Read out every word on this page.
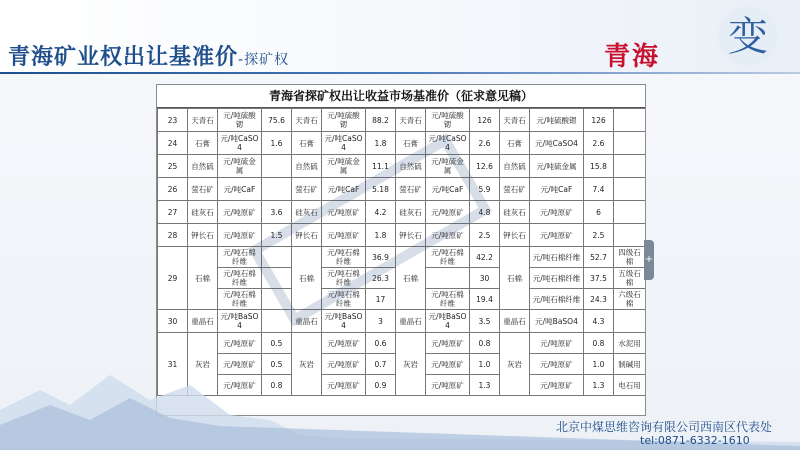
青海矿业权出让基准价-探矿权	青海 变
青海省探矿权出让收益市场基准价（征求意见稿）
23	天青石	元/吨硫酸锶	75.6	天青石	元/吨硫酸锶	88.2	天青石	元/吨硫酸锶	126	天青石	元/吨硫酸锶	126	
24	石膏	元/吨CaSO4	1.6	石膏	元/吨CaSO4	1.8	石膏	元/吨CaSO4	2.6	石膏	元/吨CaSO4	2.6	
25	自然硫	元/吨硫金属		自然硫	元/吨硫金属	11.1	自然硫	元/吨硫金属	12.6	自然硫	元/吨硫金属	15.8	
26	萤石矿	元/吨CaF		萤石矿	元/吨CaF	5.18	萤石矿	元/吨CaF	5.9	萤石矿	元/吨CaF	7.4	
27	硅灰石	元/吨原矿	3.6	硅灰石	元/吨原矿	4.2	硅灰石	元/吨原矿	4.8	硅灰石	元/吨原矿	6	
28	钾长石	元/吨原矿	1.5	钾长石	元/吨原矿	1.8	钾长石	元/吨原矿	2.5	钾长石	元/吨原矿	2.5	
29	石棉	元/吨石棉纤维		石棉	元/吨石棉纤维	36.9	石棉	元/吨石棉纤维	42.2	石棉	元/吨石棉纤维	52.7	四级石棉
		元/吨石棉纤维			元/吨石棉纤维	26.3			30		元/吨石棉纤维	37.5	五级石棉
		元/吨石棉纤维			元/吨石棉纤维	17		元/吨石棉纤维	19.4		元/吨石棉纤维	24.3	六级石棉
30	重晶石	元/吨BaSO4		重晶石	元/吨BaSO4	3	重晶石	元/吨BaSO4	3.5	重晶石	元/吨BaSO4	4.3	
31	灰岩	元/吨原矿	0.5	灰岩	元/吨原矿	0.6	灰岩	元/吨原矿	0.8	灰岩	元/吨原矿	0.8	水泥用
		元/吨原矿	0.5		元/吨原矿	0.7		元/吨原矿	1.0		元/吨原矿	1.0	制碱用
		元/吨原矿	0.8		元/吨原矿	0.9		元/吨原矿	1.3		元/吨原矿	1.3	电石用
+
北京中煤思维咨询有限公司西南区代表处
tel:0871-6332-1610
